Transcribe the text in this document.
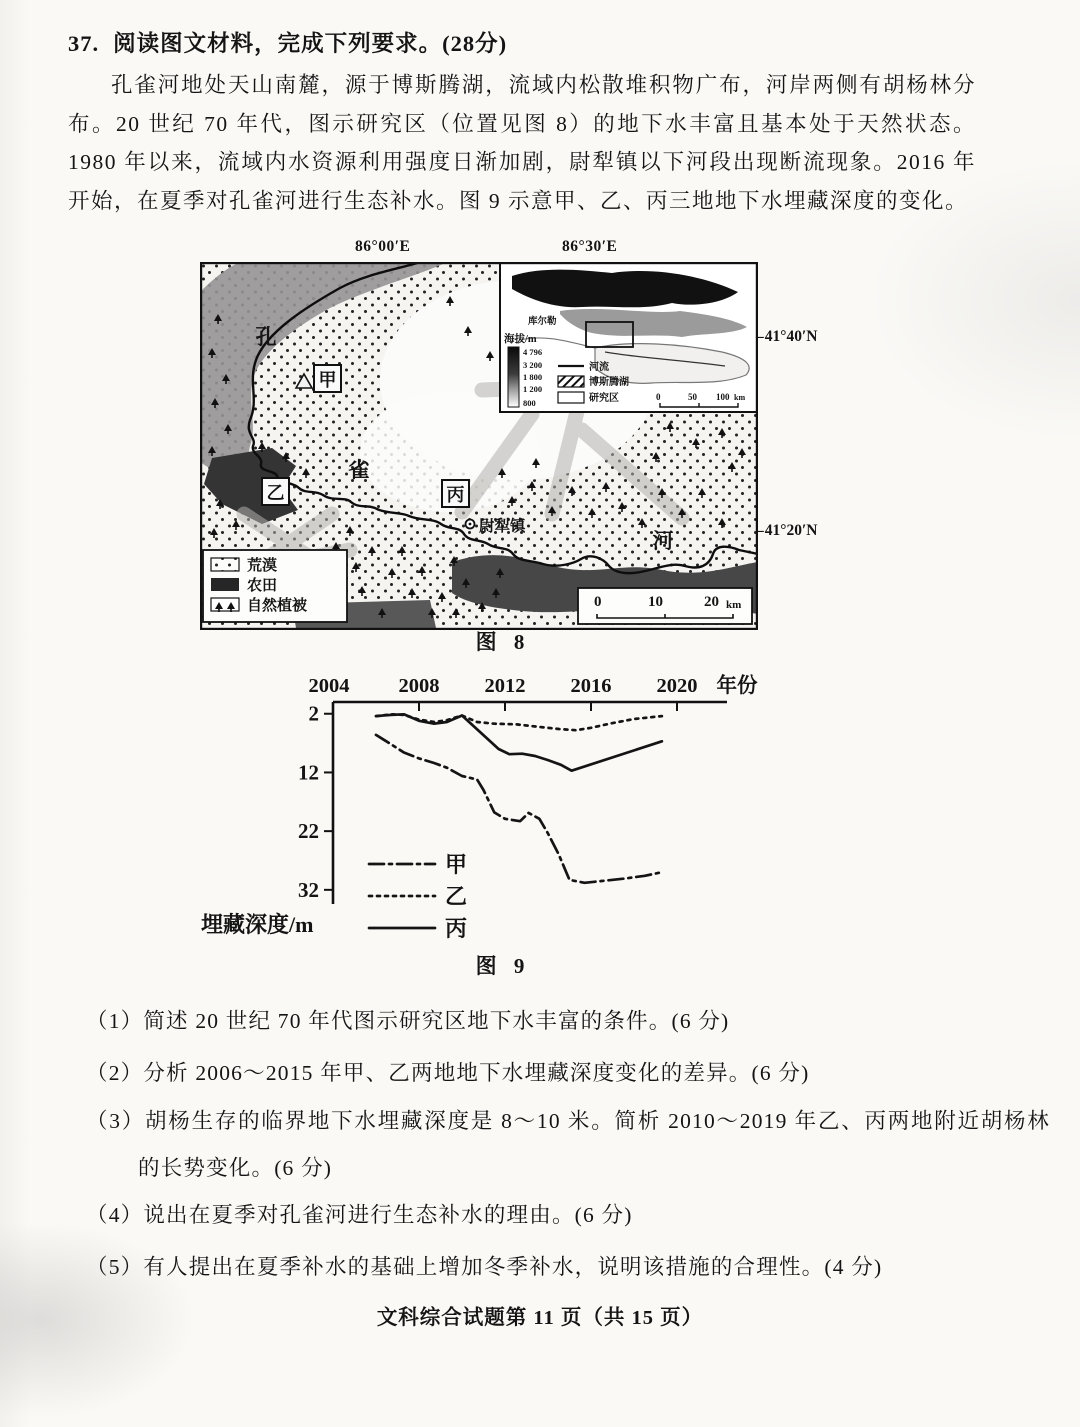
37. 阅读图文材料，完成下列要求。(28分)
孔雀河地处天山南麓，源于博斯腾湖，流域内松散堆积物广布，河岸两侧有胡杨林分布。20 世纪 70 年代，图示研究区（位置见图 8）的地下水丰富且基本处于天然状态。1980 年以来，流域内水资源利用强度日渐加剧，尉犁镇以下河段出现断流现象。2016 年开始，在夏季对孔雀河进行生态补水。图 9 示意甲、乙、丙三地地下水埋藏深度的变化。
86°00′E	86°30′E
孔
雀
河
甲
乙	丙
尉犁镇
荒漠
农田
自然植被	0	10	20 km
库尔勒
海拔/m
4 796
3 200
1 800
1 200
800
河流
博斯腾湖
研究区	0	50 100 km
– 41°40′N
– 41°20′N
图 8
2004 2008 2012 2016 2020 年份
2
12
22
32
甲
乙
丙
埋藏深度/m
图 9
（1）简述 20 世纪 70 年代图示研究区地下水丰富的条件。(6 分)
（2）分析 2006～2015 年甲、乙两地地下水埋藏深度变化的差异。(6 分)
（3）胡杨生存的临界地下水埋藏深度是 8～10 米。简析 2010～2019 年乙、丙两地附近胡杨林的长势变化。(6 分)
（4）说出在夏季对孔雀河进行生态补水的理由。(6 分)
（5）有人提出在夏季补水的基础上增加冬季补水，说明该措施的合理性。(4 分)
文科综合试题第 11 页（共 15 页）
